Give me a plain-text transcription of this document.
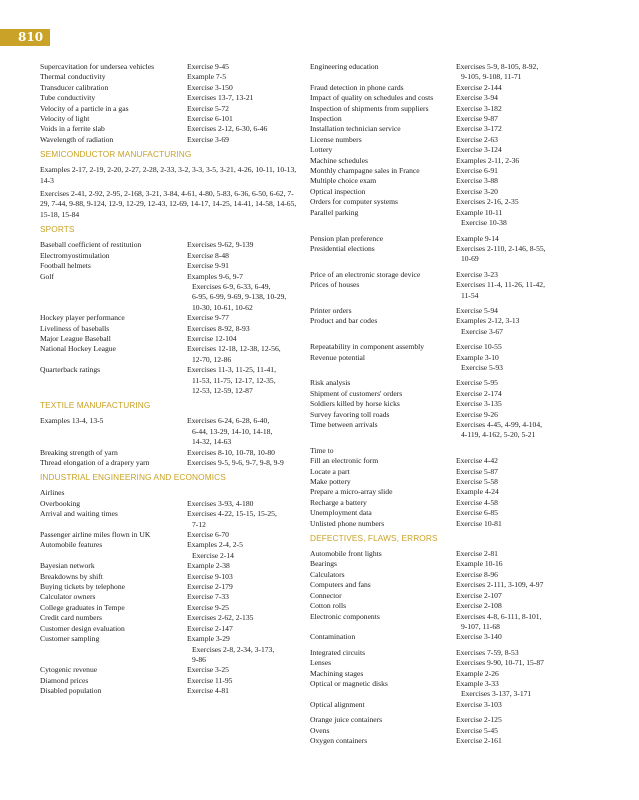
810
Supercavitation for undersea vehicles	Exercise 9-45
Thermal conductivity	Example 7-5
Transducer calibration	Exercise 3-150
Tube conductivity	Exercises 13-7, 13-21
Velocity of a particle in a gas	Exercise 5-72
Velocity of light	Exercise 6-101
Voids in a ferrite slab	Exercises 2-12, 6-30, 6-46
Wavelength of radiation	Exercise 3-69
SEMICONDUCTOR MANUFACTURING
Examples 2-17, 2-19, 2-20, 2-27, 2-28, 2-33, 3-2, 3-3, 3-5, 3-21, 4-26, 10-11, 10-13, 14-3
Exercises 2-41, 2-92, 2-95, 2-168, 3-21, 3-84, 4-61, 4-80, 5-83, 6-36, 6-50, 6-62, 7-29, 7-44, 9-88, 9-124, 12-9, 12-29, 12-43, 12-69, 14-17, 14-25, 14-41, 14-58, 14-65, 15-18, 15-84
SPORTS
Baseball coefficient of restitution	Exercises 9-62, 9-139
Electromyostimulation	Exercise 8-48
Football helmets	Exercise 9-91
Golf	Examples 9-6, 9-7
Exercises 6-9, 6-33, 6-49,
6-95, 6-99, 9-69, 9-138, 10-29,
10-30, 10-61, 10-62
Hockey player performance	Exercise 9-77
Liveliness of baseballs	Exercises 8-92, 8-93
Major League Baseball	Exercise 12-104
National Hockey League	Exercises 12-18, 12-38, 12-56,
12-70, 12-86
Quarterback ratings	Exercises 11-3, 11-25, 11-41,
11-53, 11-75, 12-17, 12-35,
12-53, 12-59, 12-87
TEXTILE MANUFACTURING
Examples 13-4, 13-5	Exercises 6-24, 6-28, 6-40,
6-44, 13-29, 14-10, 14-18,
14-32, 14-63
Breaking strength of yarn	Exercises 8-10, 10-78, 10-80
Thread elongation of a drapery yarn	Exercises 9-5, 9-6, 9-7, 9-8, 9-9
INDUSTRIAL ENGINEERING AND ECONOMICS
Airlines
Overbooking	Exercises 3-93, 4-180
Arrival and waiting times	Exercises 4-22, 15-15, 15-25,
7-12
Passenger airline miles flown in UK	Exercise 6-70
Automobile features	Examples 2-4, 2-5
Exercise 2-14
Bayesian network	Example 2-38
Breakdowns by shift	Exercise 9-103
Buying tickets by telephone	Exercise 2-179
Calculator owners	Exercise 7-33
College graduates in Tempe	Exercise 9-25
Credit card numbers	Exercises 2-62, 2-135
Customer design evaluation	Exercise 2-147
Customer sampling	Example 3-29
Exercises 2-8, 2-34, 3-173,
9-86
Cytogenic revenue	Exercise 3-25
Diamond prices	Exercise 11-95
Disabled population	Exercise 4-81
Engineering education	Exercises 5-9, 8-105, 8-92,
9-105, 9-108, 11-71
Fraud detection in phone cards	Exercise 2-144
Impact of quality on schedules and costs	Exercise 3-94
Inspection of shipments from suppliers	Exercise 3-182
Inspection	Exercise 9-87
Installation technician service	Exercise 3-172
License numbers	Exercise 2-63
Lottery	Exercise 3-124
Machine schedules	Examples 2-11, 2-36
Monthly champagne sales in France	Exercise 6-91
Multiple choice exam	Exercise 3-88
Optical inspection	Exercise 3-20
Orders for computer systems	Exercises 2-16, 2-35
Parallel parking	Example 10-11
Exercise 10-38
Pension plan preference	Example 9-14
Presidential elections	Exercises 2-110, 2-146, 8-55,
10-69
Price of an electronic storage device	Exercise 3-23
Prices of houses	Exercises 11-4, 11-26, 11-42,
11-54
Printer orders	Exercise 5-94
Product and bar codes	Examples 2-12, 3-13
Exercise 3-67
Repeatability in component assembly	Exercise 10-55
Revenue potential	Example 3-10
Exercise 5-93
Risk analysis	Exercise 5-95
Shipment of customers' orders	Exercise 2-174
Soldiers killed by horse kicks	Exercise 3-135
Survey favoring toll roads	Exercise 9-26
Time between arrivals	Exercises 4-45, 4-99, 4-104,
4-119, 4-162, 5-20, 5-21
Time to
Fill an electronic form	Exercise 4-42
Locate a part	Exercise 5-87
Make pottery	Exercise 5-58
Prepare a micro-array slide	Example 4-24
Recharge a battery	Exercise 4-58
Unemployment data	Exercise 6-85
Unlisted phone numbers	Exercise 10-81
DEFECTIVES, FLAWS, ERRORS
Automobile front lights	Exercise 2-81
Bearings	Example 10-16
Calculators	Exercise 8-96
Computers and fans	Exercises 2-111, 3-109, 4-97
Connector	Exercise 2-107
Cotton rolls	Exercise 2-108
Electronic components	Exercises 4-8, 6-111, 8-101,
9-107, 11-68
Contamination	Exercise 3-140
Integrated circuits	Exercises 7-59, 8-53
Lenses	Exercises 9-90, 10-71, 15-87
Machining stages	Example 2-26
Optical or magnetic disks	Example 3-33
Exercises 3-137, 3-171
Optical alignment	Exercise 3-103
Orange juice containers	Exercise 2-125
Ovens	Exercise 5-45
Oxygen containers	Exercise 2-161
